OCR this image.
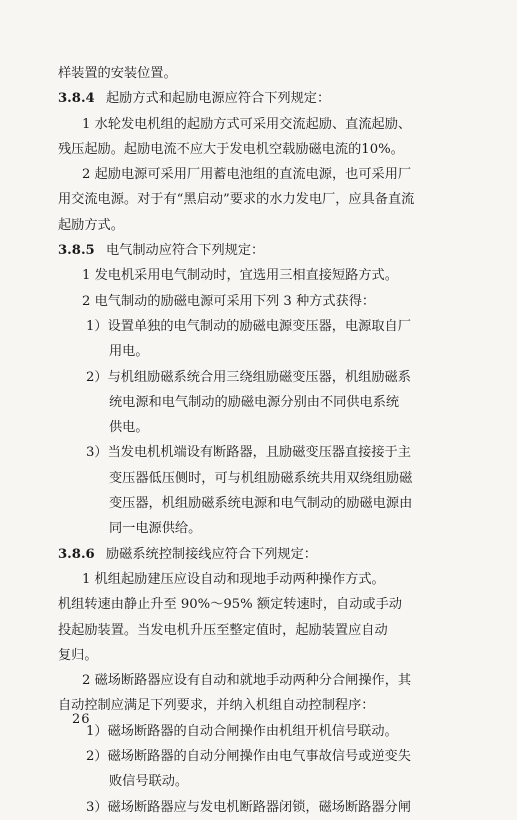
样装置的安装位置。
3.8.4 起励方式和起励电源应符合下列规定：
1 水轮发电机组的起励方式可采用交流起励、直流起励、
残压起励。起励电流不应大于发电机空载励磁电流的10%。
2 起励电源可采用厂用蓄电池组的直流电源，也可采用厂
用交流电源。对于有“黑启动”要求的水力发电厂，应具备直流
起励方式。
3.8.5 电气制动应符合下列规定：
1 发电机采用电气制动时，宜选用三相直接短路方式。
2 电气制动的励磁电源可采用下列 3 种方式获得：
1）设置单独的电气制动的励磁电源变压器，电源取自厂
用电。
2）与机组励磁系统合用三绕组励磁变压器，机组励磁系
统电源和电气制动的励磁电源分别由不同供电系统
供电。
3）当发电机机端设有断路器，且励磁变压器直接接于主
变压器低压侧时，可与机组励磁系统共用双绕组励磁
变压器，机组励磁系统电源和电气制动的励磁电源由
同一电源供给。
3.8.6 励磁系统控制接线应符合下列规定：
1 机组起励建压应设自动和现地手动两种操作方式。
机组转速由静止升至 90%～95% 额定转速时，自动或手动
投起励装置。当发电机升压至整定值时，起励装置应自动
复归。
2 磁场断路器应设有自动和就地手动两种分合闸操作，其
自动控制应满足下列要求，并纳入机组自动控制程序：
1）磁场断路器的自动合闸操作由机组开机信号联动。
2）磁场断路器的自动分闸操作由电气事故信号或逆变失
败信号联动。
3）磁场断路器应与发电机断路器闭锁，磁场断路器分闸
26
